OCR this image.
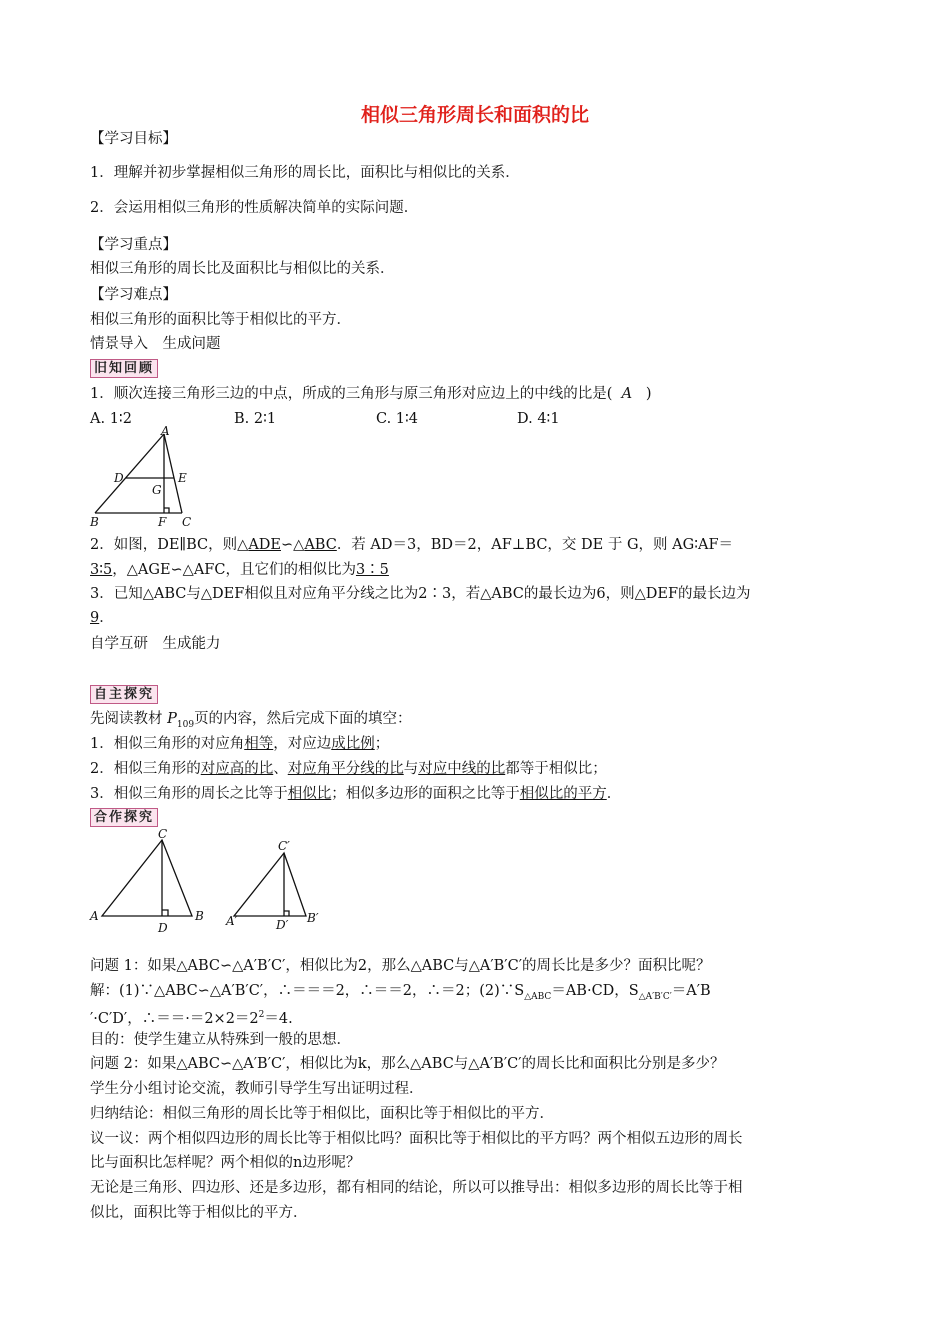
相似三角形周长和面积的比
【学习目标】
1．理解并初步掌握相似三角形的周长比，面积比与相似比的关系．
2．会运用相似三角形的性质解决简单的实际问题．
【学习重点】
相似三角形的周长比及面积比与相似比的关系．
【学习难点】
相似三角形的面积比等于相似比的平方．
情景导入　生成问题
旧知回顾
1．顺次连接三角形三边的中点，所成的三角形与原三角形对应边上的中线的比是( A )
A. 1∶2	B. 2∶1	C. 1∶4	D. 4∶1
A
D	E
G
B	F C
2．如图，DE∥BC，则△ADE∽△ABC．若 AD＝3，BD＝2，AF⊥BC，交 DE 于 G，则 AG∶AF＝
3∶5，△AGE∽△AFC，且它们的相似比为3∶5
3．已知△ABC与△DEF相似且对应角平分线之比为2∶3，若△ABC的最长边为6，则△DEF的最长边为
9．
自学互研　生成能力
自主探究
先阅读教材 $P_{109}$页的内容，然后完成下面的填空：
1．相似三角形的对应角相等，对应边成比例；
2．相似三角形的对应高的比、对应角平分线的比与对应中线的比都等于相似比；
3．相似三角形的周长之比等于相似比；相似多边形的面积之比等于相似比的平方．
合作探究
C
A
D
B
C′
A′	D′ B′
问题 1：如果△ABC∽△A′B′C′，相似比为2，那么△ABC与△A′B′C′的周长比是多少？面积比呢？
解：(1)∵△ABC∽△A′B′C′，∴＝＝＝2，∴＝＝2，∴＝2；$(2)\because S_{\triangle ABC}=AB\cdot CD$，$S_{\triangle A'B'C'}=A'B$
′·C′D′，$\therefore==\cdot=2\times 2=2^2=4$.
目的：使学生建立从特殊到一般的思想．
问题 2：如果△ABC∽△A′B′C′，相似比为k，那么△ABC与△A′B′C′的周长比和面积比分别是多少？
学生分小组讨论交流，教师引导学生写出证明过程．
归纳结论：相似三角形的周长比等于相似比，面积比等于相似比的平方．
议一议：两个相似四边形的周长比等于相似比吗？面积比等于相似比的平方吗？两个相似五边形的周长
比与面积比怎样呢？两个相似的n边形呢？
无论是三角形、四边形、还是多边形，都有相同的结论，所以可以推导出：相似多边形的周长比等于相
似比，面积比等于相似比的平方．
